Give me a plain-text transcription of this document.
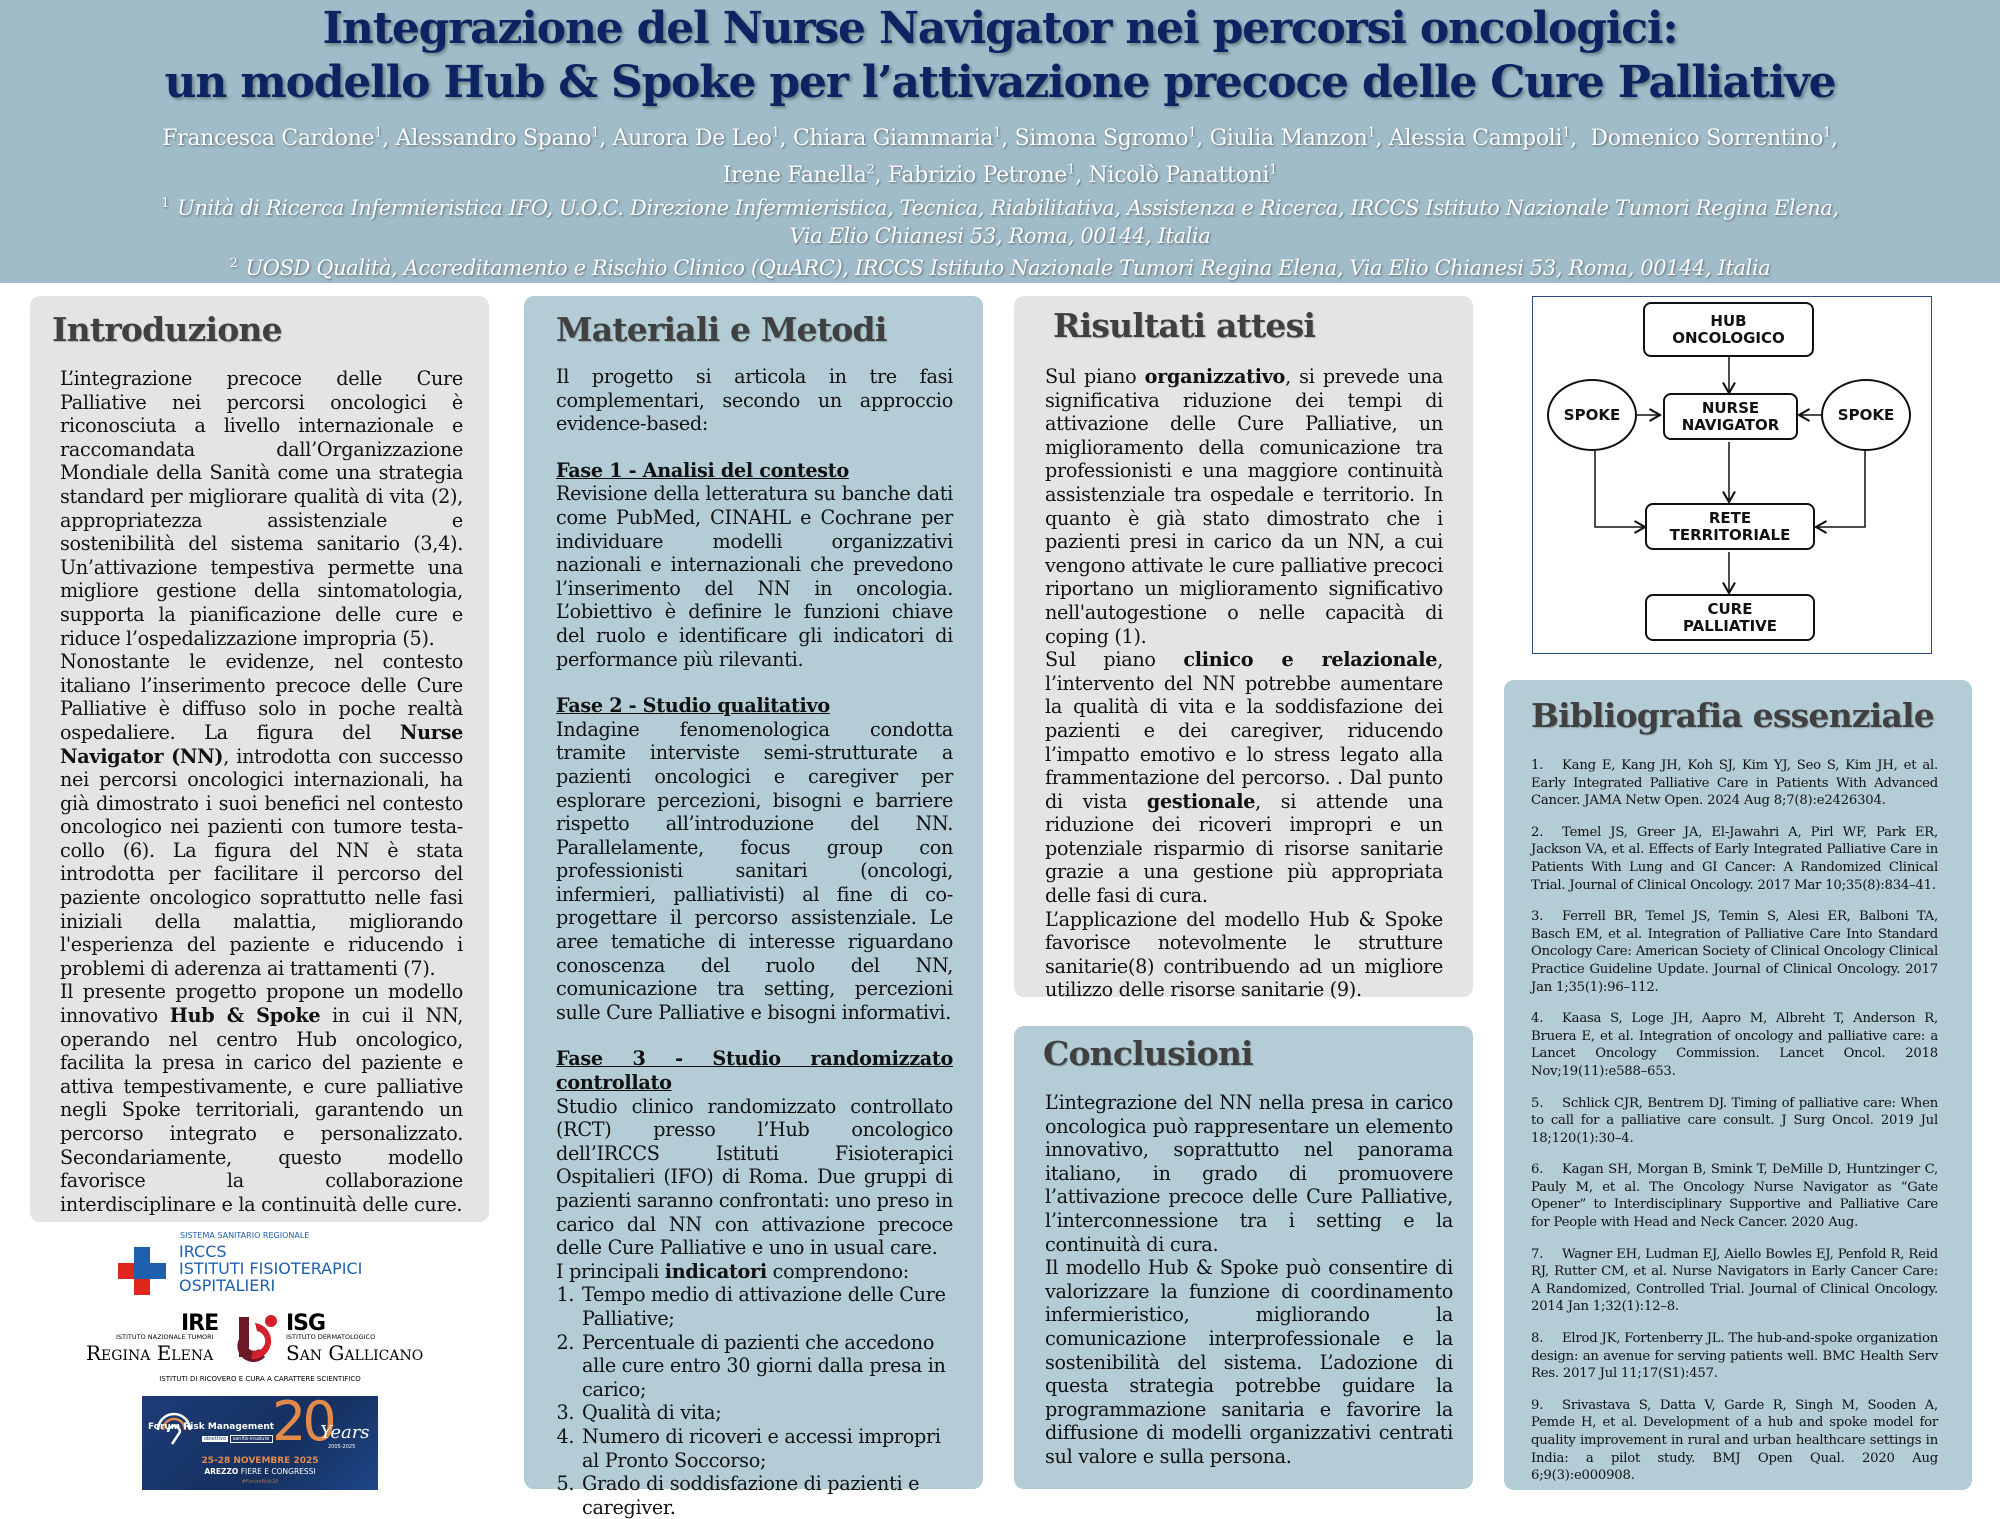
Integrazione del Nurse Navigator nei percorsi oncologici:
un modello Hub & Spoke per l’attivazione precoce delle Cure Palliative
Francesca Cardone$^1$, Alessandro Spano$^1$, Aurora De Leo$^1$, Chiara Giammaria$^1$, Simona Sgromo$^1$, Giulia Manzon$^1$, Alessia Campoli$^1$,  Domenico Sorrentino$^1$,
Irene Fanella$^2$, Fabrizio Petrone$^1$, Nicolò Panattoni$^1$
$^1$ Unità di Ricerca Infermieristica IFO, U.O.C. Direzione Infermieristica, Tecnica, Riabilitativa, Assistenza e Ricerca, IRCCS Istituto Nazionale Tumori Regina Elena,
Via Elio Chianesi 53, Roma, 00144, Italia
$^2$ UOSD Qualità, Accreditamento e Rischio Clinico (QuARC), IRCCS Istituto Nazionale Tumori Regina Elena, Via Elio Chianesi 53, Roma, 00144, Italia
Introduzione

L’integrazione precoce delle Cure Palliative nei percorsi oncologici è riconosciuta a livello internazionale e raccomandata dall’Organizzazione Mondiale della Sanità come una strategia standard per migliorare qualità di vita (2), appropriatezza assistenziale e sostenibilità del sistema sanitario (3,4). Un’attivazione tempestiva permette una migliore gestione della sintomatologia, supporta la pianificazione delle cure e riduce l’ospedalizzazione impropria (5).

Nonostante le evidenze, nel contesto italiano l’inserimento precoce delle Cure Palliative è diffuso solo in poche realtà ospedaliere. La figura del Nurse Navigator (NN), introdotta con successo nei percorsi oncologici internazionali, ha già dimostrato i suoi benefici nel contesto oncologico nei pazienti con tumore testa-collo (6). La figura del NN è stata introdotta per facilitare il percorso del paziente oncologico soprattutto nelle fasi iniziali della malattia, migliorando l'esperienza del paziente e riducendo i problemi di aderenza ai trattamenti (7).

Il presente progetto propone un modello innovativo Hub & Spoke in cui il NN, operando nel centro Hub oncologico, facilita la presa in carico del paziente e attiva tempestivamente, e cure palliative negli Spoke territoriali, garantendo un percorso integrato e personalizzato. Secondariamente, questo modello favorisce la collaborazione interdisciplinare e la continuità delle cure.

SISTEMA SANITARIO REGIONALE
IRCCS
ISTITUTI FISIOTERAPICI
OSPITALIERI
IRE
ISTITUTO NAZIONALE TUMORI
Regina Elena
ISG
ISTITUTO DERMATOLOGICO
San Gallicano
ISTITUTI DI RICOVERO E CURA A CARATTERE SCIENTIFICO
Forum Risk Management
obiettivo sanità-insalute 20
Years
2005-2025
25-28 NOVEMBRE 2025
AREZZO FIERE E CONGRESSI
#ForumRisk20
Materiali e Metodi

Il progetto si articola in tre fasi complementari, secondo un approccio evidence-based:

Fase 1 - Analisi del contesto

Revisione della letteratura su banche dati come PubMed, CINAHL e Cochrane per individuare modelli organizzativi nazionali e internazionali che prevedono l’inserimento del NN in oncologia. L’obiettivo è definire le funzioni chiave del ruolo e identificare gli indicatori di performance più rilevanti.

Fase 2 - Studio qualitativo

Indagine fenomenologica condotta tramite interviste semi-strutturate a pazienti oncologici e caregiver per esplorare percezioni, bisogni e barriere rispetto all’introduzione del NN. Parallelamente, focus group con professionisti sanitari (oncologi, infermieri, palliativisti) al fine di co-progettare il percorso assistenziale. Le aree tematiche di interesse riguardano conoscenza del ruolo del NN, comunicazione tra setting, percezioni sulle Cure Palliative e bisogni informativi.

Fase 3 - Studio randomizzato controllato

Studio clinico randomizzato controllato (RCT) presso l’Hub oncologico dell’IRCCS Istituti Fisioterapici Ospitalieri (IFO) di Roma. Due gruppi di pazienti saranno confrontati: uno preso in carico dal NN con attivazione precoce delle Cure Palliative e uno in usual care.

I principali indicatori comprendono:

1. Tempo medio di attivazione delle Cure Palliative;
2. Percentuale di pazienti che accedono alle cure entro 30 giorni dalla presa in carico;
3. Qualità di vita;
4. Numero di ricoveri e accessi impropri al Pronto Soccorso;
5. Grado di soddisfazione di pazienti e caregiver.
Risultati attesi

Sul piano organizzativo, si prevede una significativa riduzione dei tempi di attivazione delle Cure Palliative, un miglioramento della comunicazione tra professionisti e una maggiore continuità assistenziale tra ospedale e territorio. In quanto è già stato dimostrato che i pazienti presi in carico da un NN, a cui vengono attivate le cure palliative precoci riportano un miglioramento significativo nell'autogestione o nelle capacità di coping (1).

Sul piano clinico e relazionale, l’intervento del NN potrebbe aumentare la qualità di vita e la soddisfazione dei pazienti e dei caregiver, riducendo l’impatto emotivo e lo stress legato alla frammentazione del percorso. . Dal punto di vista gestionale, si attende una riduzione dei ricoveri impropri e un potenziale risparmio di risorse sanitarie grazie a una gestione più appropriata delle fasi di cura.

L’applicazione del modello Hub & Spoke favorisce notevolmente le strutture sanitarie(8) contribuendo ad un migliore utilizzo delle risorse sanitarie (9).

Conclusioni

L’integrazione del NN nella presa in carico oncologica può rappresentare un elemento innovativo, soprattutto nel panorama italiano, in grado di promuovere l’attivazione precoce delle Cure Palliative, l’interconnessione tra i setting e la continuità di cura.

Il modello Hub & Spoke può consentire di valorizzare la funzione di coordinamento infermieristico, migliorando la comunicazione interprofessionale e la sostenibilità del sistema. L’adozione di questa strategia potrebbe guidare la programmazione sanitaria e favorire la diffusione di modelli organizzativi centrati sul valore e sulla persona.

HUB
ONCOLOGICO
SPOKE	NURSE
NAVIGATOR
SPOKE
RETE
TERRITORIALE
CURE
PALLIATIVE
Bibliografia essenziale
1. Kang E, Kang JH, Koh SJ, Kim YJ, Seo S, Kim JH, et al. Early Integrated Palliative Care in Patients With Advanced Cancer. JAMA Netw Open. 2024 Aug 8;7(8):e2426304.
2. Temel JS, Greer JA, El-Jawahri A, Pirl WF, Park ER, Jackson VA, et al. Effects of Early Integrated Palliative Care in Patients With Lung and GI Cancer: A Randomized Clinical Trial. Journal of Clinical Oncology. 2017 Mar 10;35(8):834–41.
3. Ferrell BR, Temel JS, Temin S, Alesi ER, Balboni TA, Basch EM, et al. Integration of Palliative Care Into Standard Oncology Care: American Society of Clinical Oncology Clinical Practice Guideline Update. Journal of Clinical Oncology. 2017 Jan 1;35(1):96–112.
4. Kaasa S, Loge JH, Aapro M, Albreht T, Anderson R, Bruera E, et al. Integration of oncology and palliative care: a Lancet Oncology Commission. Lancet Oncol. 2018 Nov;19(11):e588–653.
5. Schlick CJR, Bentrem DJ. Timing of palliative care: When to call for a palliative care consult. J Surg Oncol. 2019 Jul 18;120(1):30–4.
6. Kagan SH, Morgan B, Smink T, DeMille D, Huntzinger C, Pauly M, et al. The Oncology Nurse Navigator as “Gate Opener” to Interdisciplinary Supportive and Palliative Care for People with Head and Neck Cancer. 2020 Aug.
7. Wagner EH, Ludman EJ, Aiello Bowles EJ, Penfold R, Reid RJ, Rutter CM, et al. Nurse Navigators in Early Cancer Care: A Randomized, Controlled Trial. Journal of Clinical Oncology. 2014 Jan 1;32(1):12–8.
8. Elrod JK, Fortenberry JL. The hub-and-spoke organization design: an avenue for serving patients well. BMC Health Serv Res. 2017 Jul 11;17(S1):457.
9. Srivastava S, Datta V, Garde R, Singh M, Sooden A, Pemde H, et al. Development of a hub and spoke model for quality improvement in rural and urban healthcare settings in India: a pilot study. BMJ Open Qual. 2020 Aug 6;9(3):e000908.
